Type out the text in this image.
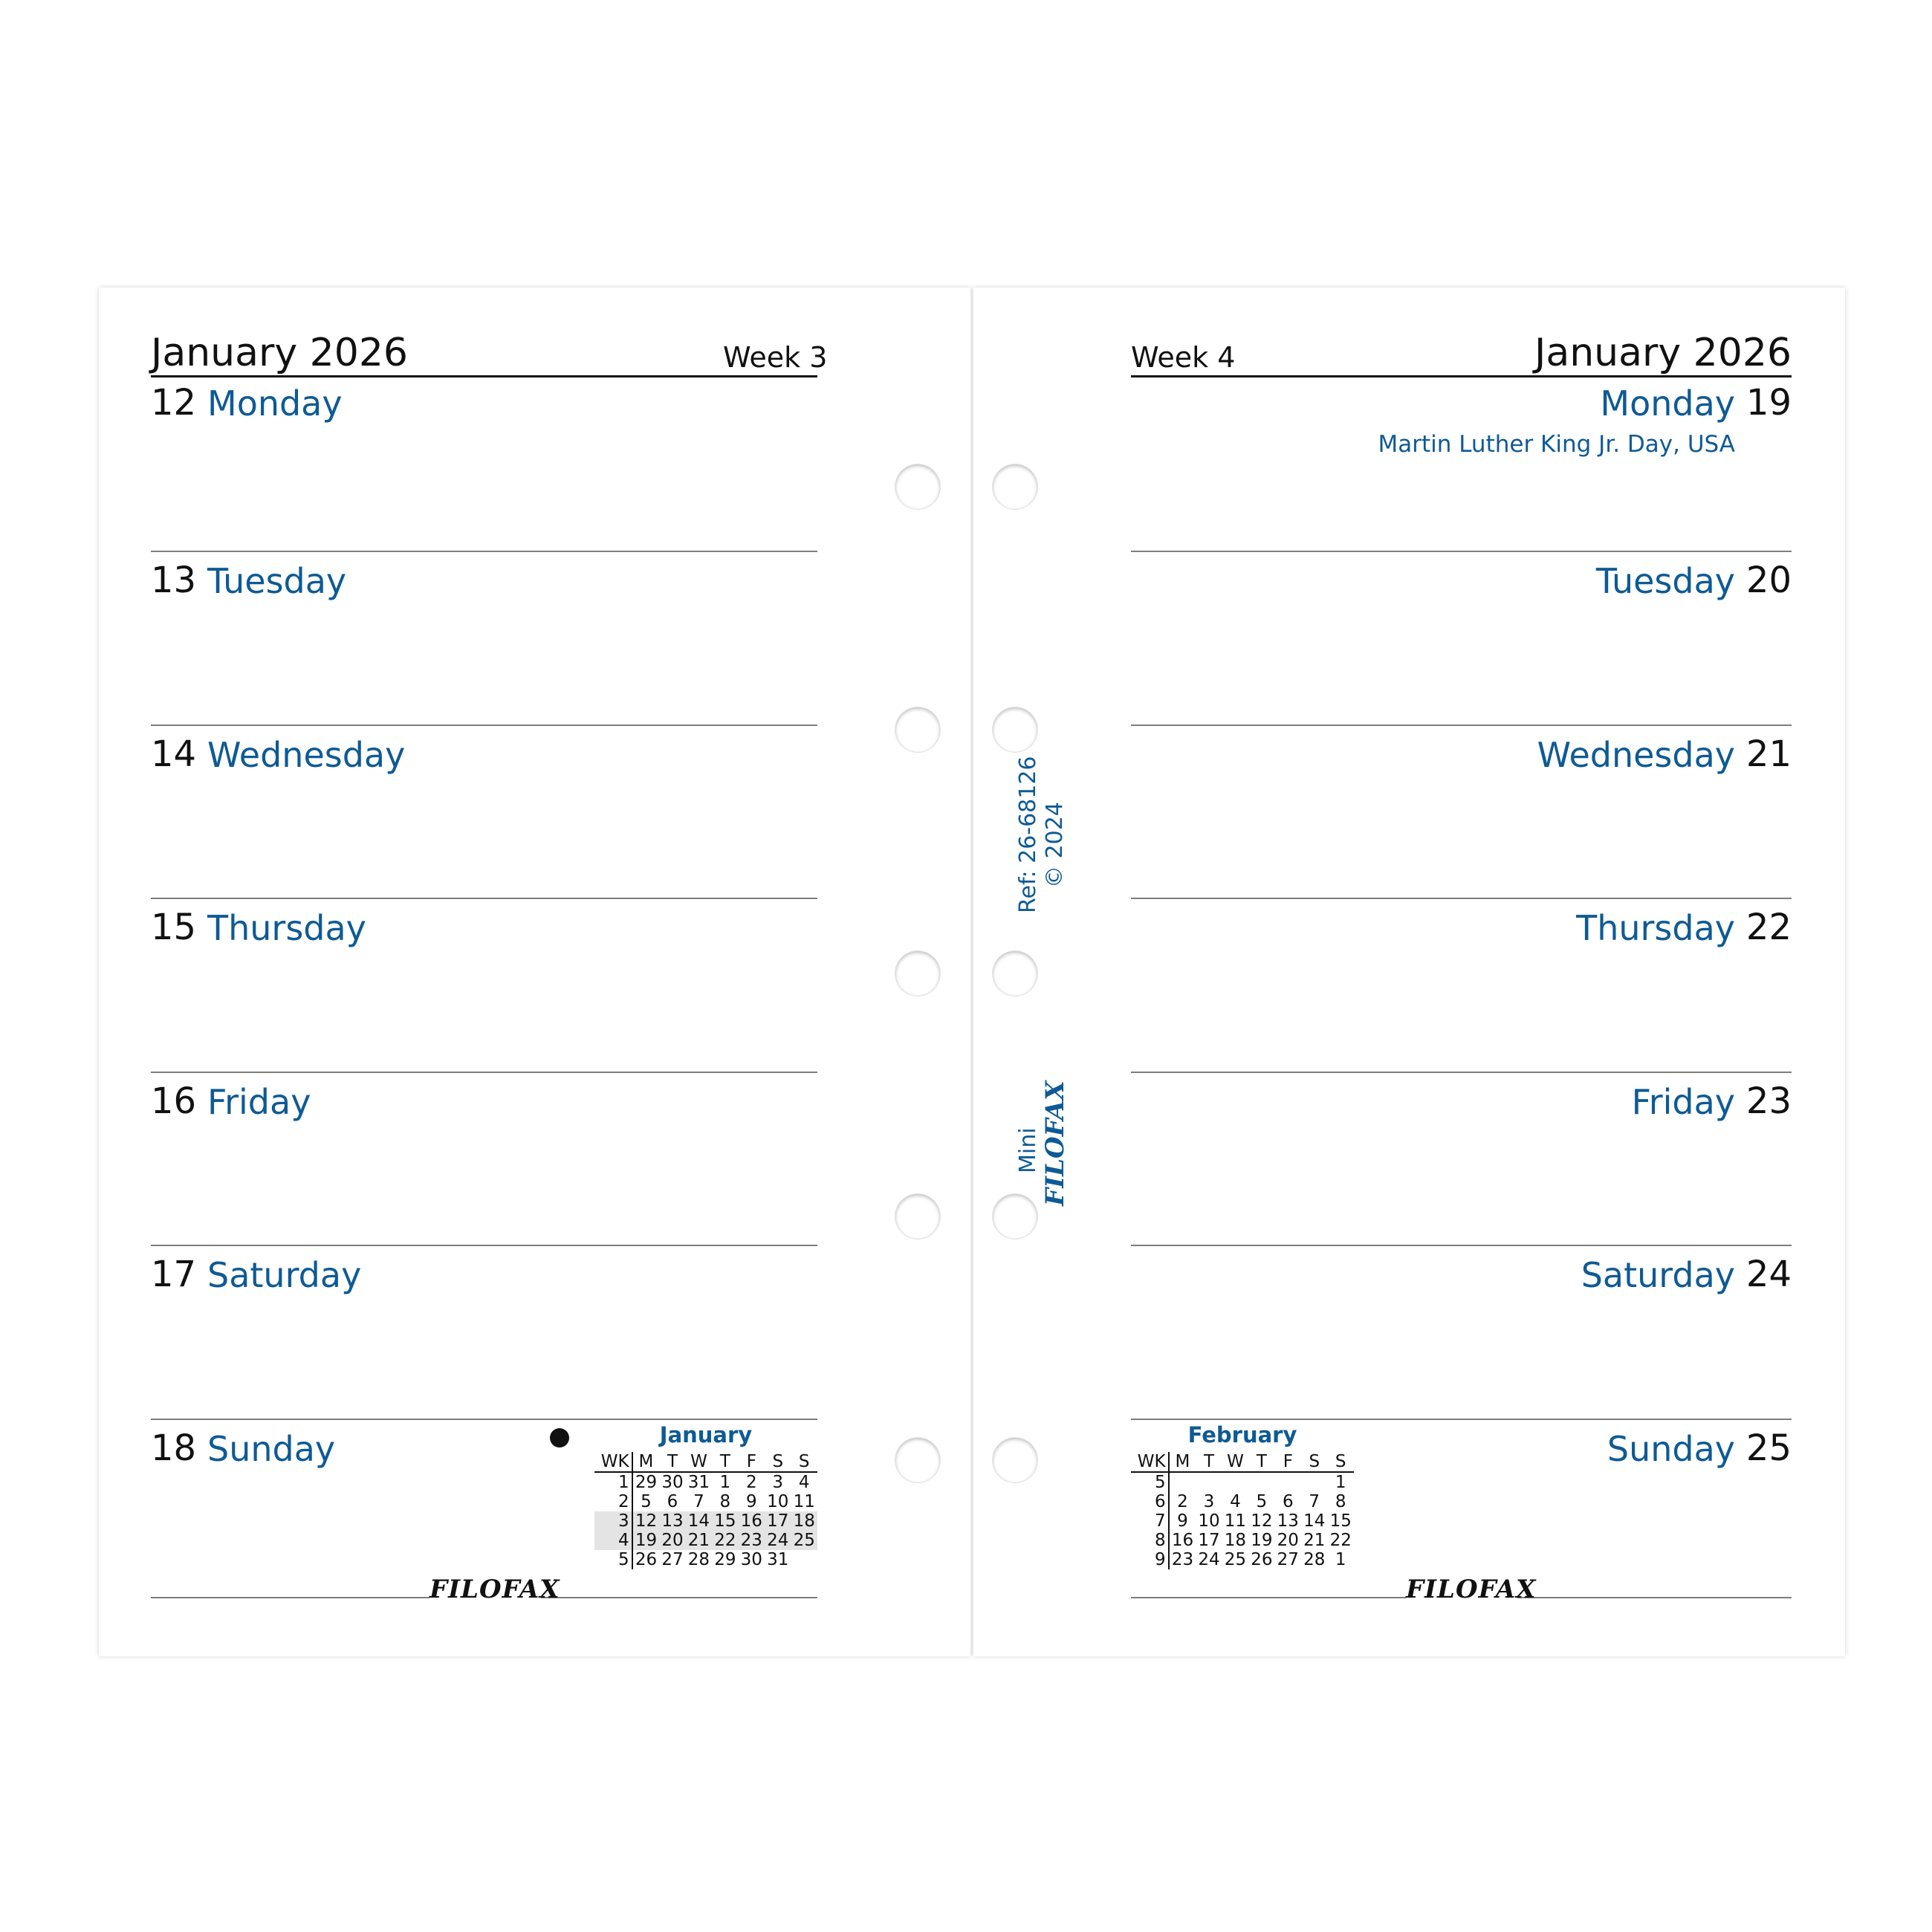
January 2026	Week 3
12 Monday
13 Tuesday
14 Wednesday
15 Thursday
16 Friday
17 Saturday
18 Sunday	January
WK	M	T	W	T	F	S	S
1	29	30	31	1	2	3	4
2	5	6	7	8	9	10	11
3	12	13	14	15	16	17	18
4	19	20	21	22	23	24	25
5	26	27	28	29	30	31	
FILOFAX
Week 4	January 2026
Monday 19
Martin Luther King Jr. Day, USA
Tuesday 20
Wednesday 21
Thursday 22
Friday 23
Saturday 24
Sunday 25
February
WK	M	T	W	T	F	S	S
5							1
6	2	3	4	5	6	7	8
7	9	10	11	12	13	14	15
8	16	17	18	19	20	21	22
9	23	24	25	26	27	28	1
FILOFAX
Ref: 26-68126 © 2024
Mini FILOFAX
